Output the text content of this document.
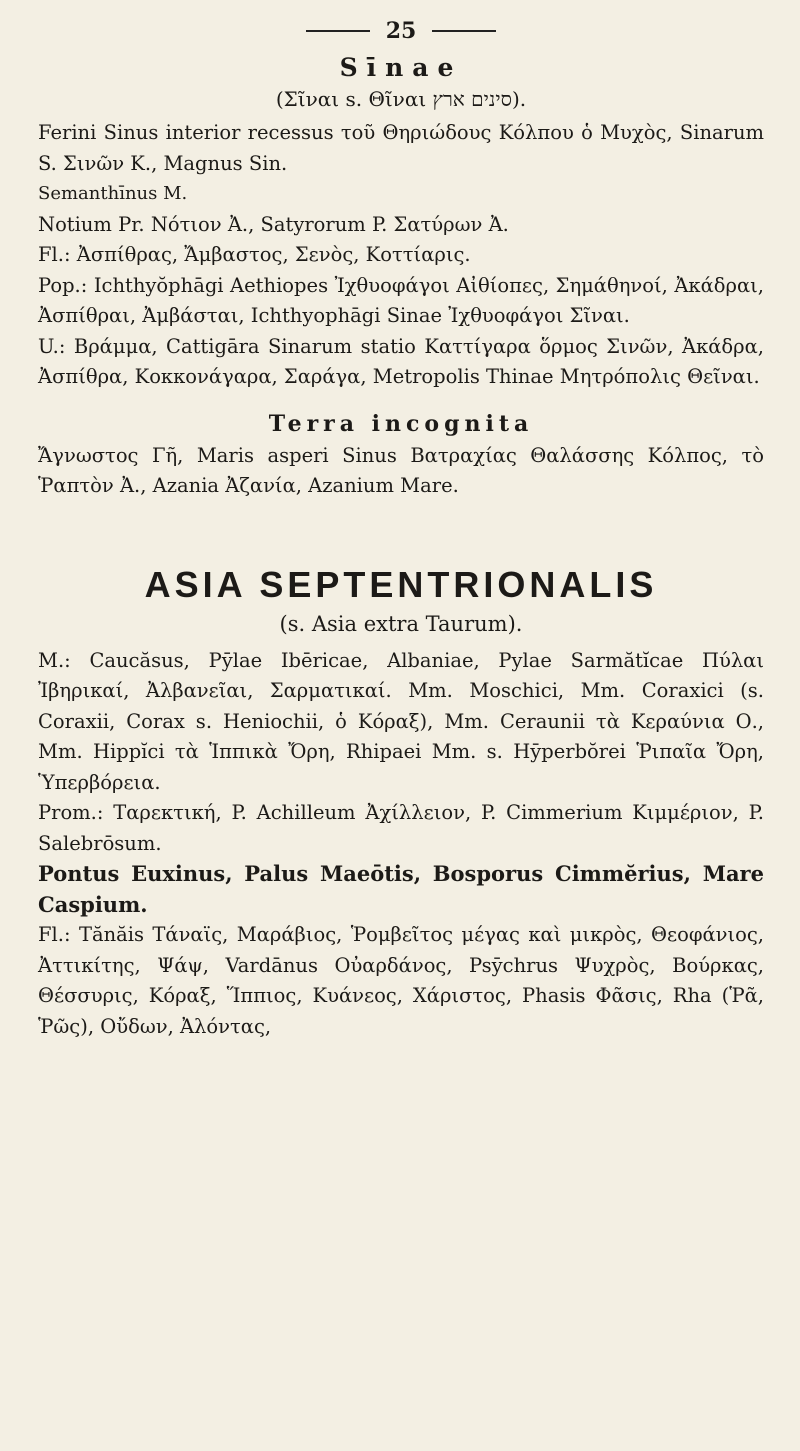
25
Sīnae
(Σῖναι s. Θῖναι סינים ארץ).

Ferini Sinus interior recessus τοῦ Θηριώδους Κόλπου ὁ Μυχὸς, Sinarum S. Σινῶν Κ., Magnus Sin.

Semanthīnus M.

Notium Pr. Νότιον Ἀ., Satyrorum P. Σατύρων Ἀ.

Fl.: Ἀσπίθρας, Ἄμβαστος, Σενὸς, Κοττίαρις.

Pop.: Ichthyŏphāgi Aethiopes Ἰχθυοφάγοι Αἰθίοπες, Σημάθηνοί, Ἀκάδραι, Ἀσπίθραι, Ἀμβάσται, Ichthyophāgi Sinae Ἰχθυοφάγοι Σῖναι.

U.: Βράμμα, Cattigāra Sinarum statio Καττίγαρα ὅρμος Σινῶν, Ἀκάδρα, Ἀσπίθρα, Κοκκονάγαρα, Σαράγα, Metropolis Thinae Μητρόπολις Θεῖναι.

Terra incognita

Ἄγνωστος Γῆ, Maris asperi Sinus Βατραχίας Θαλάσσης Κόλπος, τὸ Ῥαπτὸν Ἀ., Azania Ἀζανία, Azanium Mare.

ASIA SEPTENTRIONALIS
(s. Asia extra Taurum).

M.: Caucăsus, Pȳlae Ibēricae, Albaniae, Pylae Sarmătĭcae Πύλαι Ἰβηρικαί, Ἀλβανεῖαι, Σαρματικαί. Mm. Moschici, Mm. Coraxici (s. Coraxii, Corax s. Heniochii, ὁ Κόραξ), Mm. Ceraunii τὰ Κεραύνια Ο., Mm. Hippĭci τὰ Ἱππικὰ Ὄρη, Rhipaei Mm. s. Hȳperbŏrei Ῥιπαῖα Ὄρη, Ὑπερβόρεια.

Prom.: Ταρεκτική, P. Achilleum Ἀχίλλειον, P. Cimmerium Κιμμέριον, P. Salebrōsum.

Pontus Euxinus, Palus Maeōtis, Bosporus Cimmĕrius, Mare Caspium.

Fl.: Tănăis Τάναϊς, Μαράβιος, Ῥομβεῖτος μέγας καὶ μικρὸς, Θεοφάνιος, Ἀττικίτης, Ψάψ, Vardānus Οὐαρδάνος, Psȳchrus Ψυχρὸς, Βούρκας, Θέσσυρις, Κόραξ, Ἵππιος, Κυάνεος, Χάριστος, Phasis Φᾶσις, Rha (Ῥᾶ, Ῥῶς), Οὔδων, Ἀλόντας,
